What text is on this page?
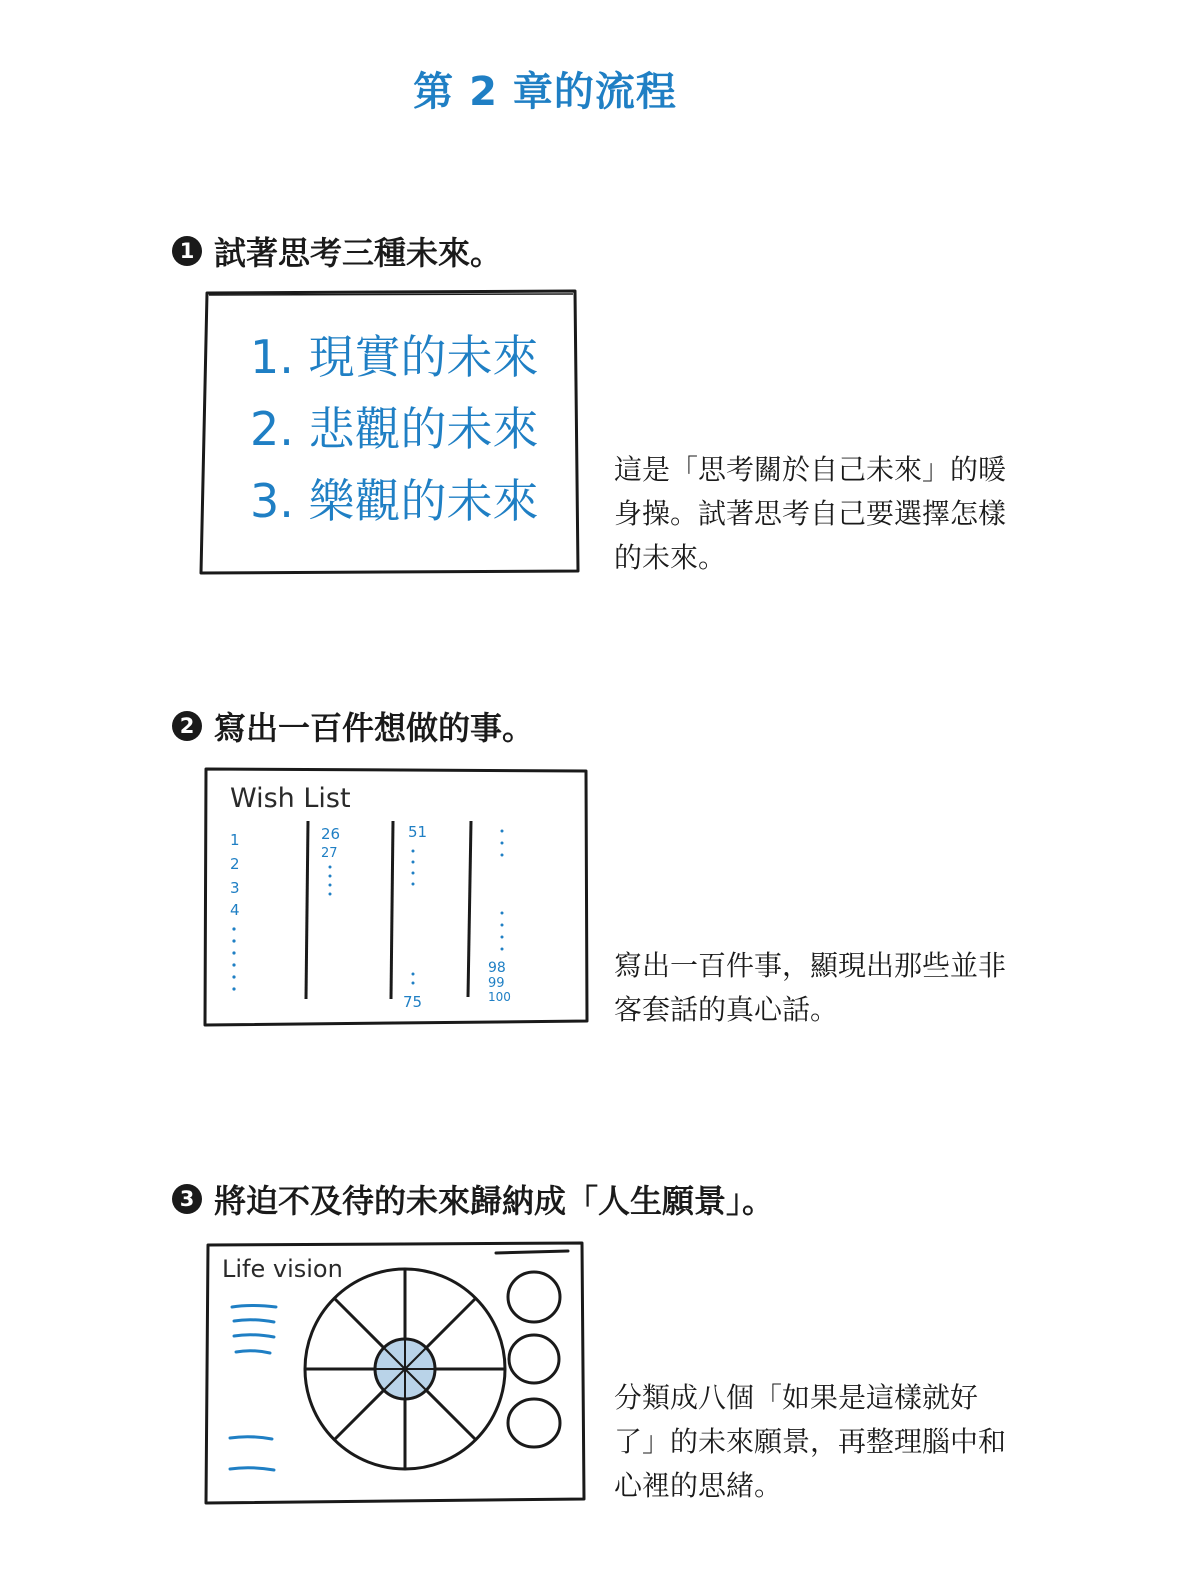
第 2 章的流程
1 試著思考三種未來。
1. 現實的未來
2. 悲觀的未來
3. 樂觀的未來
這是「思考關於自己未來」的暖
身操。試著思考自己要選擇怎樣
的未來。
2 寫出一百件想做的事。
Wish List
1
2
3
4
26
27
51
75
98
99
100
寫出一百件事，顯現出那些並非
客套話的真心話。
3 將迫不及待的未來歸納成「人生願景」。
Life vision
分類成八個「如果是這樣就好
了」的未來願景，再整理腦中和
心裡的思緒。
